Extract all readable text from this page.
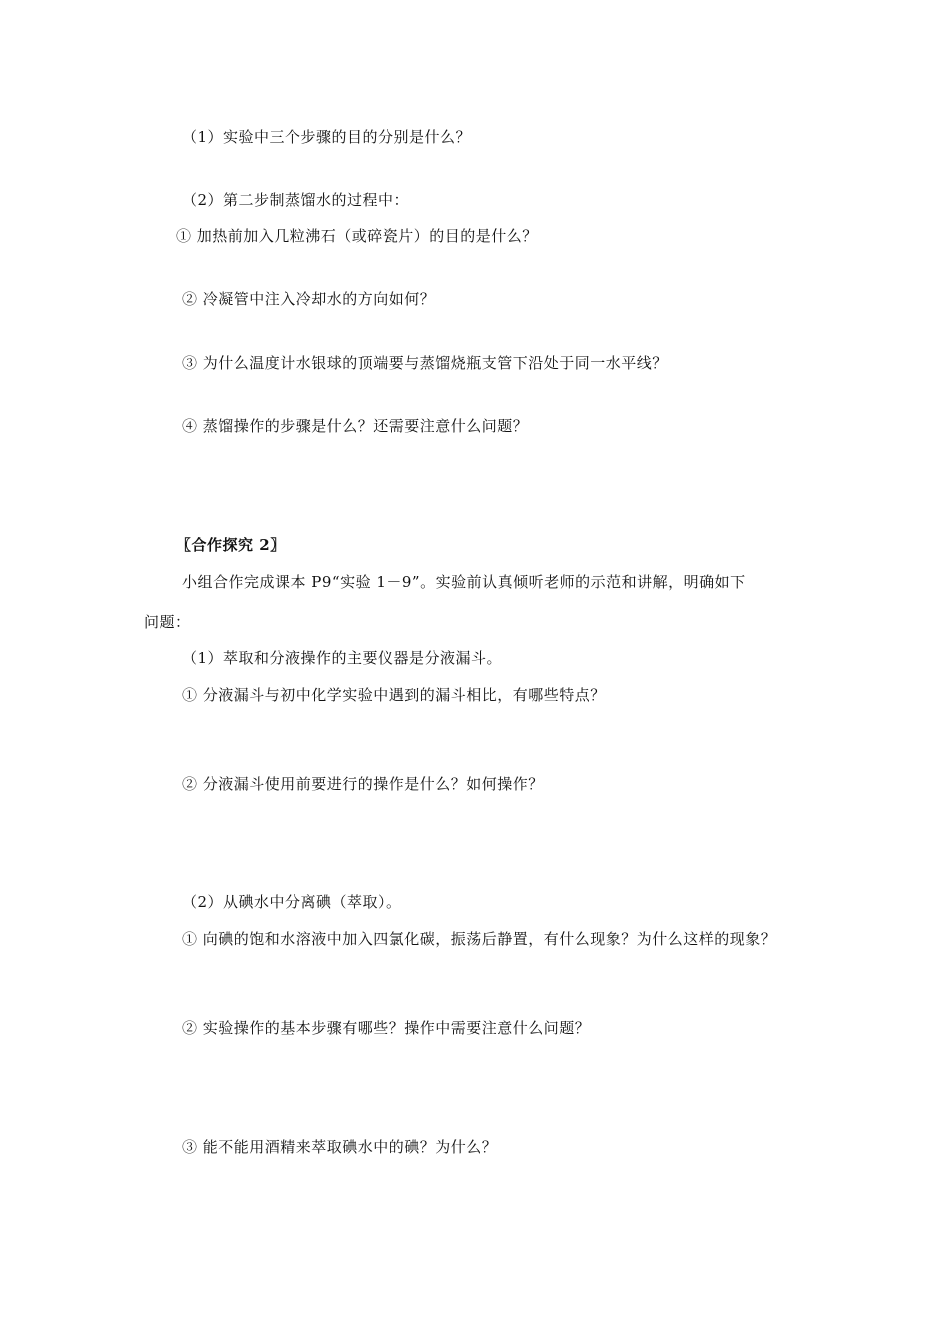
（1）实验中三个步骤的目的分别是什么？
（2）第二步制蒸馏水的过程中：
① 加热前加入几粒沸石（或碎瓷片）的目的是什么？
② 冷凝管中注入冷却水的方向如何？
③ 为什么温度计水银球的顶端要与蒸馏烧瓶支管下沿处于同一水平线？
④ 蒸馏操作的步骤是什么？还需要注意什么问题？
〖合作探究 2〗
小组合作完成课本 P9“实验 1－9”。实验前认真倾听老师的示范和讲解，明确如下
问题：
（1）萃取和分液操作的主要仪器是分液漏斗。
① 分液漏斗与初中化学实验中遇到的漏斗相比，有哪些特点？
② 分液漏斗使用前要进行的操作是什么？如何操作？
（2）从碘水中分离碘（萃取）。
① 向碘的饱和水溶液中加入四氯化碳，振荡后静置，有什么现象？为什么这样的现象？
② 实验操作的基本步骤有哪些？操作中需要注意什么问题？
③ 能不能用酒精来萃取碘水中的碘？为什么？
